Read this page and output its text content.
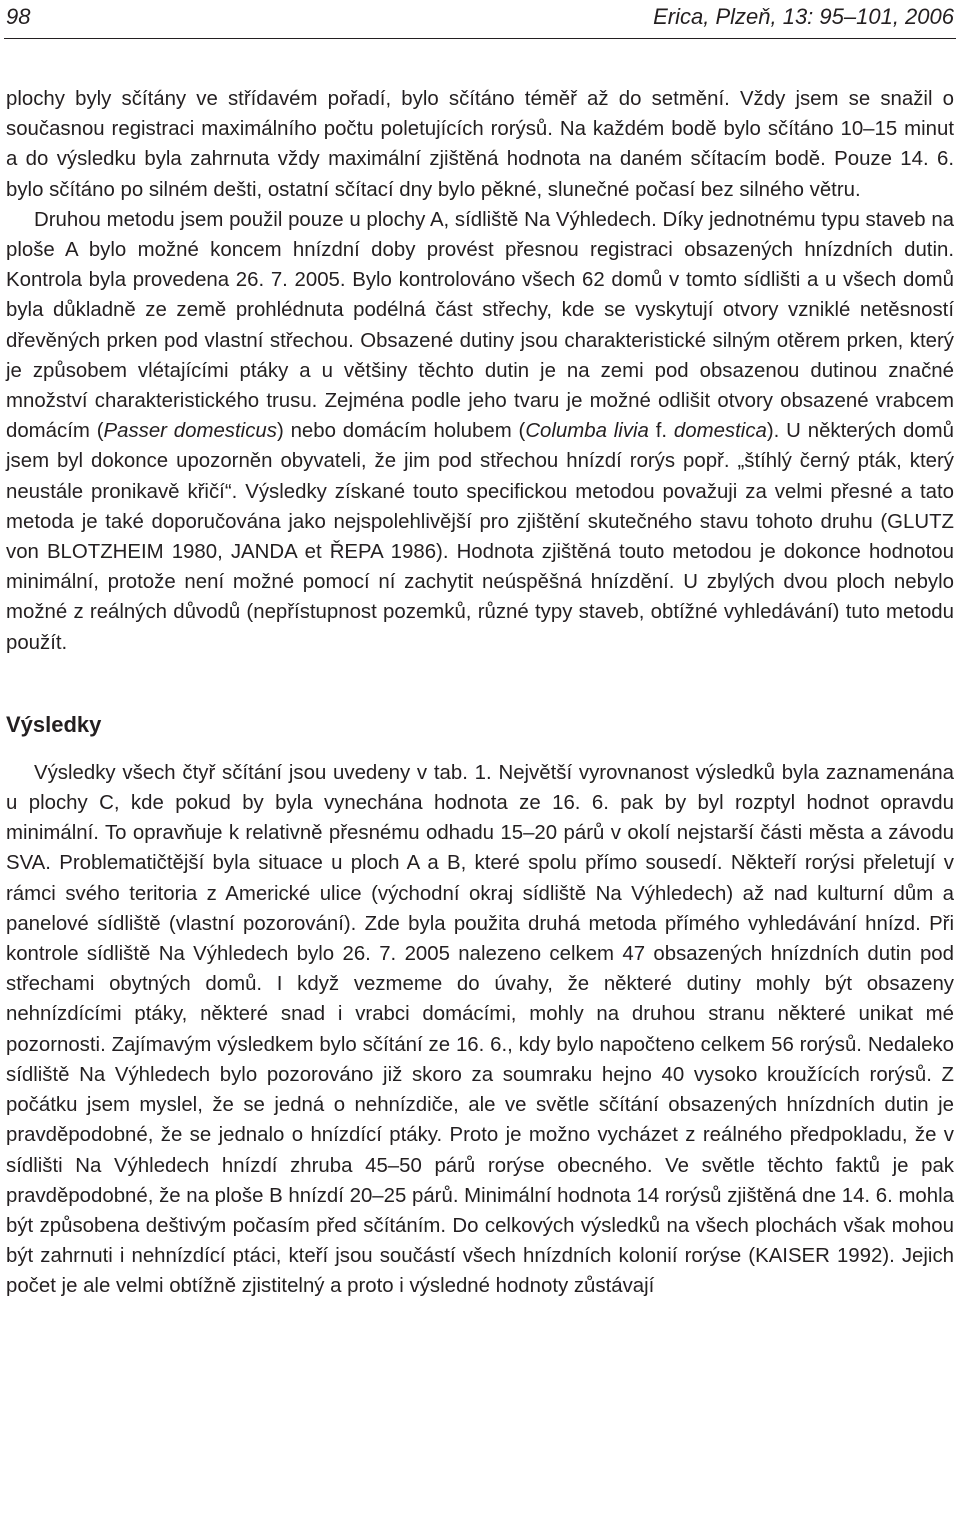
98	Erica, Plzeň, 13: 95–101, 2006

plochy byly sčítány ve střídavém pořadí, bylo sčítáno téměř až do setmění. Vždy jsem se snažil o současnou registraci maximálního počtu poletujících rorýsů. Na každém bodě bylo sčítáno 10–15 minut a do výsledku byla zahrnuta vždy maximální zjištěná hodnota na daném sčítacím bodě. Pouze 14. 6. bylo sčítáno po silném dešti, ostatní sčítací dny bylo pěkné, slunečné počasí bez silného větru.

Druhou metodu jsem použil pouze u plochy A, sídliště Na Výhledech. Díky jednotnému typu staveb na ploše A bylo možné koncem hnízdní doby provést přesnou registraci obsazených hnízdních dutin. Kontrola byla provedena 26. 7. 2005. Bylo kontrolováno všech 62 domů v tomto sídlišti a u všech domů byla důkladně ze země prohlédnuta podélná část střechy, kde se vyskytují otvory vzniklé netěsností dřevěných prken pod vlastní střechou. Obsazené dutiny jsou charakteristické silným otěrem prken, který je způsobem vlétajícími ptáky a u většiny těchto dutin je na zemi pod obsazenou dutinou značné množství charakteristického trusu. Zejména podle jeho tvaru je možné odlišit otvory obsazené vrabcem domácím (Passer domesticus) nebo domácím holubem (Columba livia f. domestica). U některých domů jsem byl dokonce upozorněn obyvateli, že jim pod střechou hnízdí rorýs popř. „štíhlý černý pták, který neustále pronikavě křičí“. Výsledky získané touto specifickou metodou považuji za velmi přesné a tato metoda je také doporučována jako nejspolehlivější pro zjištění skutečného stavu tohoto druhu (GLUTZ von BLOTZHEIM 1980, JANDA et ŘEPA 1986). Hodnota zjištěná touto metodou je dokonce hodnotou minimální, protože není možné pomocí ní zachytit neúspěšná hnízdění. U zbylých dvou ploch nebylo možné z reálných důvodů (nepřístupnost pozemků, různé typy staveb, obtížné vyhledávání) tuto metodu použít.

Výsledky

Výsledky všech čtyř sčítání jsou uvedeny v tab. 1. Největší vyrovnanost výsledků byla zaznamenána u plochy C, kde pokud by byla vynechána hodnota ze 16. 6. pak by byl rozptyl hodnot opravdu minimální. To opravňuje k relativně přesnému odhadu 15–20 párů v okolí nejstarší části města a závodu SVA. Problematičtější byla situace u ploch A a B, které spolu přímo sousedí. Někteří rorýsi přeletují v rámci svého teritoria z Americké ulice (východní okraj sídliště Na Výhledech) až nad kulturní dům a panelové sídliště (vlastní pozorování). Zde byla použita druhá metoda přímého vyhledávání hnízd. Při kontrole sídliště Na Výhledech bylo 26. 7. 2005 nalezeno celkem 47 obsazených hnízdních dutin pod střechami obytných domů. I když vezmeme do úvahy, že některé dutiny mohly být obsazeny nehnízdícími ptáky, některé snad i vrabci domácími, mohly na druhou stranu některé unikat mé pozornosti. Zajímavým výsledkem bylo sčítání ze 16. 6., kdy bylo napočteno celkem 56 rorýsů. Nedaleko sídliště Na Výhledech bylo pozorováno již skoro za soumraku hejno 40 vysoko kroužících rorýsů. Z počátku jsem myslel, že se jedná o nehnízdiče, ale ve světle sčítání obsazených hnízdních dutin je pravděpodobné, že se jednalo o hnízdící ptáky. Proto je možno vycházet z reálného předpokladu, že v sídlišti Na Výhledech hnízdí zhruba 45–50 párů rorýse obecného. Ve světle těchto faktů je pak pravděpodobné, že na ploše B hnízdí 20–25 párů. Minimální hodnota 14 rorýsů zjištěná dne 14. 6. mohla být způsobena deštivým počasím před sčítáním. Do celkových výsledků na všech plochách však mohou být zahrnuti i nehnízdící ptáci, kteří jsou součástí všech hnízdních kolonií rorýse (KAISER 1992). Jejich počet je ale velmi obtížně zjistitelný a proto i výsledné hodnoty zůstávají
